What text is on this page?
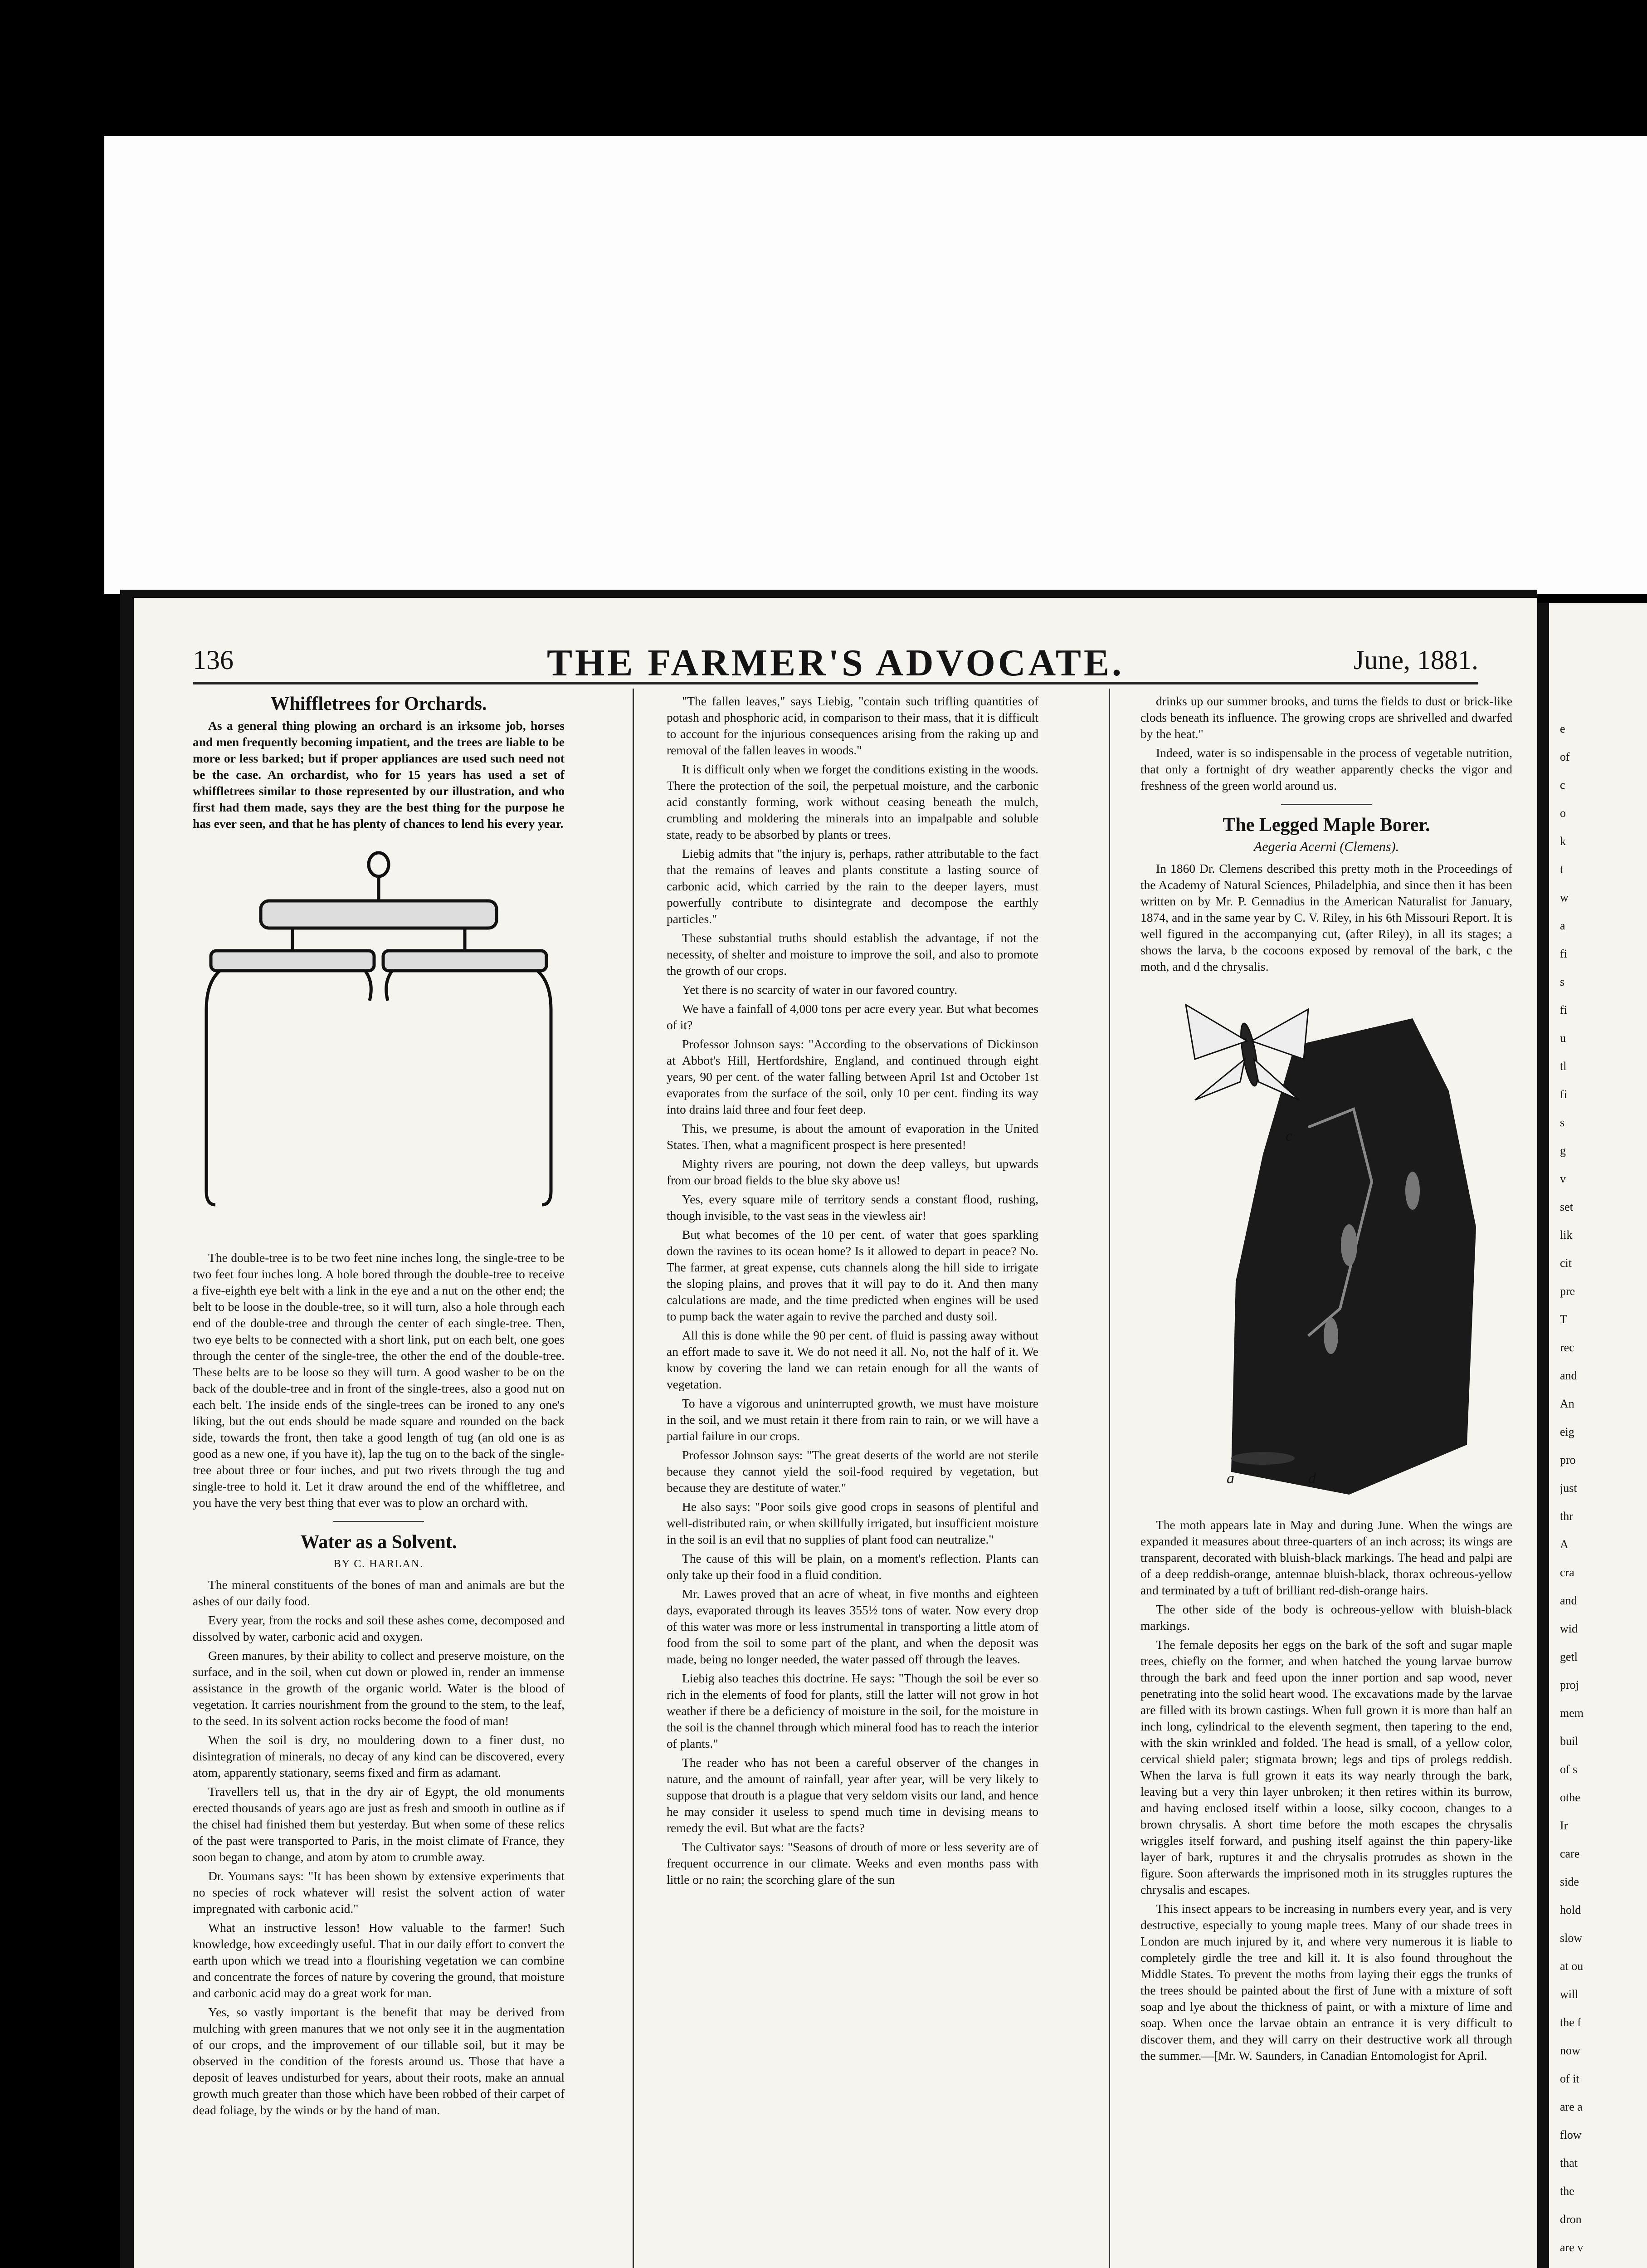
136	THE FARMER'S ADVOCATE.	June, 1881.
Whiffletrees for Orchards.

As a general thing plowing an orchard is an irksome job, horses and men frequently becoming impatient, and the trees are liable to be more or less barked; but if proper appliances are used such need not be the case. An orchardist, who for 15 years has used a set of whiffletrees similar to those represented by our illustration, and who first had them made, says they are the best thing for the purpose he has ever seen, and that he has plenty of chances to lend his every year.

The double-tree is to be two feet nine inches long, the single-tree to be two feet four inches long. A hole bored through the double-tree to receive a five-eighth eye belt with a link in the eye and a nut on the other end; the belt to be loose in the double-tree, so it will turn, also a hole through each end of the double-tree and through the center of each single-tree. Then, two eye belts to be connected with a short link, put on each belt, one goes through the center of the single-tree, the other the end of the double-tree. These belts are to be loose so they will turn. A good washer to be on the back of the double-tree and in front of the single-trees, also a good nut on each belt. The inside ends of the single-trees can be ironed to any one's liking, but the out ends should be made square and rounded on the back side, towards the front, then take a good length of tug (an old one is as good as a new one, if you have it), lap the tug on to the back of the single-tree about three or four inches, and put two rivets through the tug and single-tree to hold it. Let it draw around the end of the whiffletree, and you have the very best thing that ever was to plow an orchard with.

Water as a Solvent.
BY C. HARLAN.

The mineral constituents of the bones of man and animals are but the ashes of our daily food.

Every year, from the rocks and soil these ashes come, decomposed and dissolved by water, carbonic acid and oxygen.

Green manures, by their ability to collect and preserve moisture, on the surface, and in the soil, when cut down or plowed in, render an immense assistance in the growth of the organic world. Water is the blood of vegetation. It carries nourishment from the ground to the stem, to the leaf, to the seed. In its solvent action rocks become the food of man!

When the soil is dry, no mouldering down to a finer dust, no disintegration of minerals, no decay of any kind can be discovered, every atom, apparently stationary, seems fixed and firm as adamant.

Travellers tell us, that in the dry air of Egypt, the old monuments erected thousands of years ago are just as fresh and smooth in outline as if the chisel had finished them but yesterday. But when some of these relics of the past were transported to Paris, in the moist climate of France, they soon began to change, and atom by atom to crumble away.

Dr. Youmans says: "It has been shown by extensive experiments that no species of rock whatever will resist the solvent action of water impregnated with carbonic acid."

What an instructive lesson! How valuable to the farmer! Such knowledge, how exceedingly useful. That in our daily effort to convert the earth upon which we tread into a flourishing vegetation we can combine and concentrate the forces of nature by covering the ground, that moisture and carbonic acid may do a great work for man.

Yes, so vastly important is the benefit that may be derived from mulching with green manures that we not only see it in the augmentation of our crops, and the improvement of our tillable soil, but it may be observed in the condition of the forests around us. Those that have a deposit of leaves undisturbed for years, about their roots, make an annual growth much greater than those which have been robbed of their carpet of dead foliage, by the winds or by the hand of man.

"The fallen leaves," says Liebig, "contain such trifling quantities of potash and phosphoric acid, in comparison to their mass, that it is difficult to account for the injurious consequences arising from the raking up and removal of the fallen leaves in woods."

It is difficult only when we forget the conditions existing in the woods. There the protection of the soil, the perpetual moisture, and the carbonic acid constantly forming, work without ceasing beneath the mulch, crumbling and moldering the minerals into an impalpable and soluble state, ready to be absorbed by plants or trees.

Liebig admits that "the injury is, perhaps, rather attributable to the fact that the remains of leaves and plants constitute a lasting source of carbonic acid, which carried by the rain to the deeper layers, must powerfully contribute to disintegrate and decompose the earthly particles."

These substantial truths should establish the advantage, if not the necessity, of shelter and moisture to improve the soil, and also to promote the growth of our crops.

Yet there is no scarcity of water in our favored country.

We have a fainfall of 4,000 tons per acre every year. But what becomes of it?

Professor Johnson says: "According to the observations of Dickinson at Abbot's Hill, Hertfordshire, England, and continued through eight years, 90 per cent. of the water falling between April 1st and October 1st evaporates from the surface of the soil, only 10 per cent. finding its way into drains laid three and four feet deep.

This, we presume, is about the amount of evaporation in the United States. Then, what a magnificent prospect is here presented!

Mighty rivers are pouring, not down the deep valleys, but upwards from our broad fields to the blue sky above us!

Yes, every square mile of territory sends a constant flood, rushing, though invisible, to the vast seas in the viewless air!

But what becomes of the 10 per cent. of water that goes sparkling down the ravines to its ocean home? Is it allowed to depart in peace? No. The farmer, at great expense, cuts channels along the hill side to irrigate the sloping plains, and proves that it will pay to do it. And then many calculations are made, and the time predicted when engines will be used to pump back the water again to revive the parched and dusty soil.

All this is done while the 90 per cent. of fluid is passing away without an effort made to save it. We do not need it all. No, not the half of it. We know by covering the land we can retain enough for all the wants of vegetation.

To have a vigorous and uninterrupted growth, we must have moisture in the soil, and we must retain it there from rain to rain, or we will have a partial failure in our crops.

Professor Johnson says: "The great deserts of the world are not sterile because they cannot yield the soil-food required by vegetation, but because they are destitute of water."

He also says: "Poor soils give good crops in seasons of plentiful and well-distributed rain, or when skillfully irrigated, but insufficient moisture in the soil is an evil that no supplies of plant food can neutralize."

The cause of this will be plain, on a moment's reflection. Plants can only take up their food in a fluid condition.

Mr. Lawes proved that an acre of wheat, in five months and eighteen days, evaporated through its leaves 355½ tons of water. Now every drop of this water was more or less instrumental in transporting a little atom of food from the soil to some part of the plant, and when the deposit was made, being no longer needed, the water passed off through the leaves.

Liebig also teaches this doctrine. He says: "Though the soil be ever so rich in the elements of food for plants, still the latter will not grow in hot weather if there be a deficiency of moisture in the soil, for the moisture in the soil is the channel through which mineral food has to reach the interior of plants."

The reader who has not been a careful observer of the changes in nature, and the amount of rainfall, year after year, will be very likely to suppose that drouth is a plague that very seldom visits our land, and hence he may consider it useless to spend much time in devising means to remedy the evil. But what are the facts?

The Cultivator says: "Seasons of drouth of more or less severity are of frequent occurrence in our climate. Weeks and even months pass with little or no rain; the scorching glare of the sun

drinks up our summer brooks, and turns the fields to dust or brick-like clods beneath its influence. The growing crops are shrivelled and dwarfed by the heat."

Indeed, water is so indispensable in the process of vegetable nutrition, that only a fortnight of dry weather apparently checks the vigor and freshness of the green world around us.

The Legged Maple Borer.
Aegeria Acerni (Clemens).

In 1860 Dr. Clemens described this pretty moth in the Proceedings of the Academy of Natural Sciences, Philadelphia, and since then it has been written on by Mr. P. Gennadius in the American Naturalist for January, 1874, and in the same year by C. V. Riley, in his 6th Missouri Report. It is well figured in the accompanying cut, (after Riley), in all its stages; a shows the larva, b the cocoons exposed by removal of the bark, c the moth, and d the chrysalis.

c
a	d

The moth appears late in May and during June. When the wings are expanded it measures about three-quarters of an inch across; its wings are transparent, decorated with bluish-black markings. The head and palpi are of a deep reddish-orange, antennae bluish-black, thorax ochreous-yellow and terminated by a tuft of brilliant red-dish-orange hairs.

The other side of the body is ochreous-yellow with bluish-black markings.

The female deposits her eggs on the bark of the soft and sugar maple trees, chiefly on the former, and when hatched the young larvae burrow through the bark and feed upon the inner portion and sap wood, never penetrating into the solid heart wood. The excavations made by the larvae are filled with its brown castings. When full grown it is more than half an inch long, cylindrical to the eleventh segment, then tapering to the end, with the skin wrinkled and folded. The head is small, of a yellow color, cervical shield paler; stigmata brown; legs and tips of prolegs reddish. When the larva is full grown it eats its way nearly through the bark, leaving but a very thin layer unbroken; it then retires within its burrow, and having enclosed itself within a loose, silky cocoon, changes to a brown chrysalis. A short time before the moth escapes the chrysalis wriggles itself forward, and pushing itself against the thin papery-like layer of bark, ruptures it and the chrysalis protrudes as shown in the figure. Soon afterwards the imprisoned moth in its struggles ruptures the chrysalis and escapes.

This insect appears to be increasing in numbers every year, and is very destructive, especially to young maple trees. Many of our shade trees in London are much injured by it, and where very numerous it is liable to completely girdle the tree and kill it. It is also found throughout the Middle States. To prevent the moths from laying their eggs the trunks of the trees should be painted about the first of June with a mixture of soft soap and lye about the thickness of paint, or with a mixture of lime and soap. When once the larvae obtain an entrance it is very difficult to discover them, and they will carry on their destructive work all through the summer.—[Mr. W. Saunders, in Canadian Entomologist for April.

e
of
c
o
k
t
w
a
fi
s
fi
u
tl
fi
s
g
v
set
lik
cit
pre
T
rec
and
An
eig
pro
just
thr
A
cra
and
wid
getl
proj
mem
buil
of s
othe
Ir
care
side
hold
slow
at ou
will
the f
now
of it
are a
flow
that
the
dron
are v
